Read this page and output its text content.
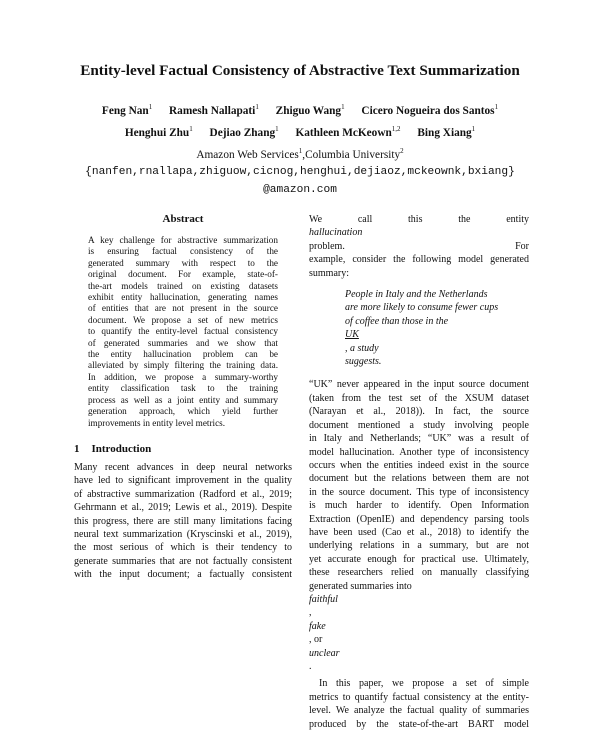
Entity-level Factual Consistency of Abstractive Text Summarization
Feng Nan$^1$ Ramesh Nallapati$^1$ Zhiguo Wang$^1$ Cicero Nogueira dos Santos$^1$
Henghui Zhu$^1$ Dejiao Zhang$^1$ Kathleen McKeown$^{1,2}$ Bing Xiang$^1$
Amazon Web Services$^1$,Columbia University$^2$
{nanfen,rnallapa,zhiguow,cicnog,henghui,dejiaoz,mckeownk,bxiang}
@amazon.com
Abstract
A key challenge for abstractive summarization
is ensuring factual consistency of the
generated summary with respect to the
original document. For example, state-of-
the-art models trained on existing datasets
exhibit entity hallucination, generating names
of entities that are not present in the source
document. We propose a set of new metrics
to quantify the entity-level factual consistency
of generated summaries and we show that
the entity hallucination problem can be
alleviated by simply filtering the training data.
In addition, we propose a summary-worthy
entity classification task to the training
process as well as a joint entity and summary
generation approach, which yield further
improvements in entity level metrics.
1 Introduction
Many recent advances in deep neural networks
have led to significant improvement in the quality
of abstractive summarization (Radford et al., 2019;
Gehrmann et al., 2019; Lewis et al., 2019). Despite
this progress, there are still many limitations facing
neural text summarization (Kryscinski et al., 2019),
the most serious of which is their tendency to
generate summaries that are not factually consistent
with the input document; a factually consistent
We call this the entity
hallucination
problem. For
example, consider the following model generated
summary:
People in Italy and the Netherlands
are more likely to consume fewer cups
of coffee than those in the
UK
, a study
suggests.
“UK” never appeared in the input source document
(taken from the test set of the XSUM dataset
(Narayan et al., 2018)). In fact, the source
document mentioned a study involving people
in Italy and Netherlands; “UK” was a result of
model hallucination. Another type of inconsistency
occurs when the entities indeed exist in the source
document but the relations between them are not
in the source document. This type of inconsistency
is much harder to identify. Open Information
Extraction (OpenIE) and dependency parsing tools
have been used (Cao et al., 2018) to identify the
underlying relations in a summary, but are not
yet accurate enough for practical use. Ultimately,
these researchers relied on manually classifying
generated summaries into
faithful
,
fake
, or
unclear
.
In this paper, we propose a set of simple
metrics to quantify factual consistency at the entity-
level. We analyze the factual quality of summaries
produced by the state-of-the-art BART model
